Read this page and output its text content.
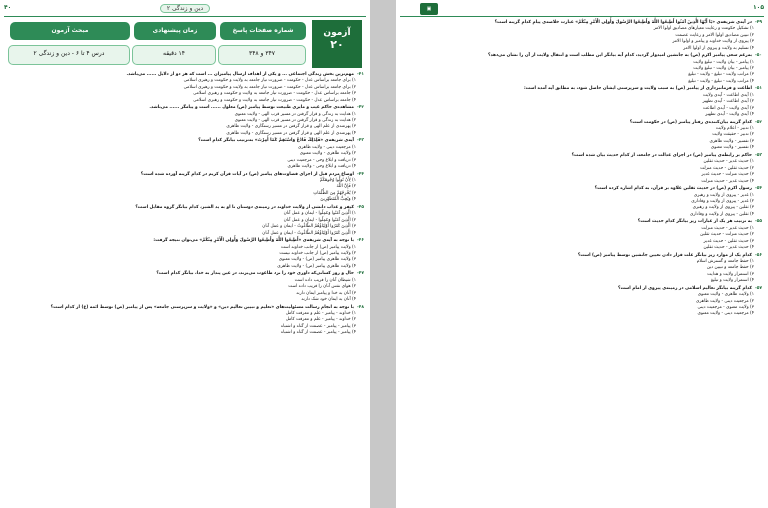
۴۰	دین و زندگی ۲
آزمون
۲۰
مبحث آزمون	زمان پیشنهادی	شماره صفحات پاسخ
درس ۴ تا ۶ - دین و زندگی ۲	۱۴ دقیقه	۳۴۷ و ۳۴۸
۴۱-مهم‌ترین بخش زندگی اجتماعی ... و یکی از اهداف ارسال پیامبران ... است که هر دو از دلایل ...... می‌باشد.
۱) برای جامعه براساس عدل - حکومت - ضرورت تیاز جامعه به ولایت و حکومت و رهبری اسلامی
۲) برای جامعه براساس عدل - حکومت - ضرورت تیاز جامعه به ولایت و حکومت و رهبری اسلامی
۳) جامعه براساس عدل - حکومت - ضرورت تیاز جامعه به ولایت و حکومت و رهبری اسلامی
۴) جامعه براساس عدل - حکومت - ضرورت تیاز جامعه به ولایت و حکومت و رهبری اسلامی
۴۲-مشاهده‌ی حاکم غیب و مایری طبیعت توسط پیامبر (ص) معلول ...... است و پیامگر ...... می‌باشد.
۱) هدایت به زندگی و قرار گرفتن در مسیر قرب الهی - ولایت معنوی
۲) هدایت به زندگی و قرار گرفتن در مسیر قرب الهی - ولایت معنوی
۳) پهرمندی از علم الهی و قرار گرفتن در مسیر رستگاری - ولایت ظاهری
۴) پهرمندی از علم الهی و قرار گرفتن در مسیر رستگاری - ولایت ظاهری
۴۳-آیه‌ی شریفه‌ی «فَلِذَلِكَ فَادْعُ وَاسْتَقِمْ كَمَا أُمِرْتَ» به‌ترتیب بیانگر کدام است؟
۱) مرجعیت دینی - ولایت ظاهری
۲) ولایت ظاهری - ولایت معنوی
۳) دریافت و ابلاغ وحی - مرجعیت دینی
۴) دریافت و ابلاغ وحی - ولایت ظاهری
۴۴-اوضاع مردم قبل از اجرای قضاوت‌های پیامبر (ص) در آیات قرآن کریم در کدام گزینه آورده شده است؟
۱) لِأَنْ تُوَلُّوا وُجُوهَكُمْ
۲) فَإِنَّ اللَّهَ
۳) يُخْرِجُهُمْ مِنَ الظُّلُمَاتِ
۴) وَيُحِبُّ الْمُتَطَهِّرِينَ
۴۵-کیفر و عذاب دانشی از ولایت خداوند در زمینه‌ی دوستان تا او به ید الشبر، کدام بیانگر گروه مقابل است؟
۱) الَّذِينَ آمَنُوا وَعَمِلُوا - ایمان و عمل آنان
۲) الَّذِينَ آمَنُوا وَعَمِلُوا - ایمان و عمل آنان
۳) الَّذِينَ كَفَرُوا أَوْلِيَاؤُهُمُ الطَّاغُوتُ - ایمان و عمل آنان
۴) الَّذِينَ كَفَرُوا أَوْلِيَاؤُهُمُ الطَّاغُوتُ - ایمان و عمل آنان
۴۶-با توجه به آیه‌ی شریفه‌ی «أَطِيعُوا اللَّهَ وَأَطِيعُوا الرَّسُولَ وَأُولِي الْأَمْرِ مِنْكُمْ» می‌توان نتیجه گرفت:
۱) ولایت پیامبر (ص) از جانب خداوند است
۲) ولایت پیامبر (ص) از جانب خداوند نیست
۳) ولایت ظاهری پیامبر (ص) - ولایت معنوی
۴) ولایت ظاهری پیامبر (ص) - ولایت ظاهری
۴۷-حال و روز کسانی‌که داوری خود را نزد طاغوت می‌برند، در عین پندار به خدا، بیانگر کدام است؟
۱) شیطان آنان را فریب داده است
۲) هوای نفس آنان را فریب داده است
۳) آنان به خدا و پیامبر ایمان دارند
۴) آنان به ایمان خود شک دارند
۴۸-با توجه به انجام رسالت مسئولیت‌های «تعلیم و تبیین تعالیم دین» و «ولایت و سرپرستی جامعه» پس از پیامبر (ص) توسط ائمه (ع) از کدام است؟
۱) خداوند - پیامبر - علم و معرفت کامل
۲) خداوند - پیامبر - علم و معرفت کامل
۳) پیامبر - پیامبر - عصمت از گناه و اشتباه
۴) پیامبر - پیامبر - عصمت از گناه و اشتباه
۱۰۵
▣
۴۹-در آیه‌ی شریفه‌ی «يَا أَيُّهَا الَّذِينَ آمَنُوا أَطِيعُوا اللَّهَ وَأَطِيعُوا الرَّسُولَ وَأُولِي الْأَمْرِ مِنْكُمْ» عبارت خلاصه‌ی پیام کدام گزینه است؟
۱) تشکیل حکومت و رعایت معیارهای مصادیق اولوا الامر
۲) تبیین مصادیق اولوا الامر و رعایت عصمت
۳) پیروی از ولایت خداوند و پیامبر و اولوا الامر
۴) تسلیم به ولایت و پیروی از اولوا الامر
۵۰-به‌رغم سعی پیامبر اکرم (ص) به جانشین امیدوار گردید، کدام آیه بیانگر این مطلب است و انتقال ولایت از آن را نشان می‌دهد؟
۱) پیامبر - بیان ولایت - تبلیغ ولایت
۲) پیامبر - بیان ولایت - تبلیغ ولایت
۳) مراتب ولایت - تبلیغ - ولایت - تبلیغ
۴) مراتب ولایت - تبلیغ - ولایت - تبلیغ
۵۱-اطاعت و فرمانبرداری از پیامبر (ص) به سبب ولایت و سرپرستی ایشان حاصل شود، به مطابق آیه آمده است:
۱) آیه‌ی اطاعت - آیه‌ی ولایت
۲) آیه‌ی اطاعت - آیه‌ی تطهیر
۳) آیه‌ی ولایت - آیه‌ی اطاعت
۴) آیه‌ی ولایت - آیه‌ی تطهیر
۵۲-کدام گزینه بیان‌کننده‌ی رفتار پیامبر (ص) در حکومت است؟
۱) تدبیر - اعلام ولایت
۲) تدبیر - حقیقت ولایت
۳) تفسیر - ولایت ظاهری
۴) تفسیر - ولایت معنوی
۵۳-حاکم بر رابطه‌ی پیامبر (ص) در اجرای عدالت در جامعه، از کدام حدیث بیان شده است؟
۱) حدیث غدیر - حدیث ثقلین
۲) حدیث ثقلین - حدیث منزلت
۳) حدیث منزلت - حدیث غدیر
۴) حدیث غدیر - حدیث منزلت
۵۴-رسول اکرم (ص) در حدیث ثقلین علاوه بر قرآن، به کدام اشاره کرده است؟
۱) غدیر - پیروی از ولایت و رهبری
۲) غدیر - پیروی از ولایت و وفاداری
۳) ثقلین - پیروی از ولایت و رهبری
۴) ثقلین - پیروی از ولایت و وفاداری
۵۵-به ترتیب هر یک از عبارات زیر بیانگر کدام حدیث است؟
۱) حدیث غدیر - حدیث منزلت
۲) حدیث منزلت - حدیث ثقلین
۳) حدیث ثقلین - حدیث غدیر
۴) حدیث غدیر - حدیث ثقلین
۵۶-کدام یک از موارد زیر بیانگر علت قرار دادن تعیین جانشین توسط پیامبر (ص) است؟
۱) حفظ جامعه و گسترش اسلام
۲) حفظ جامعه و تبیین دین
۳) استمرار ولایت و هدایت
۴) استمرار ولایت و تبلیغ
۵۷-کدام گزینه بیانگر تعالیم اسلامی در زمینه‌ی پیروی از امام است؟
۱) ولایت ظاهری - ولایت معنوی
۲) مرجعیت دینی - ولایت ظاهری
۳) ولایت معنوی - مرجعیت دینی
۴) مرجعیت دینی - ولایت معنوی
